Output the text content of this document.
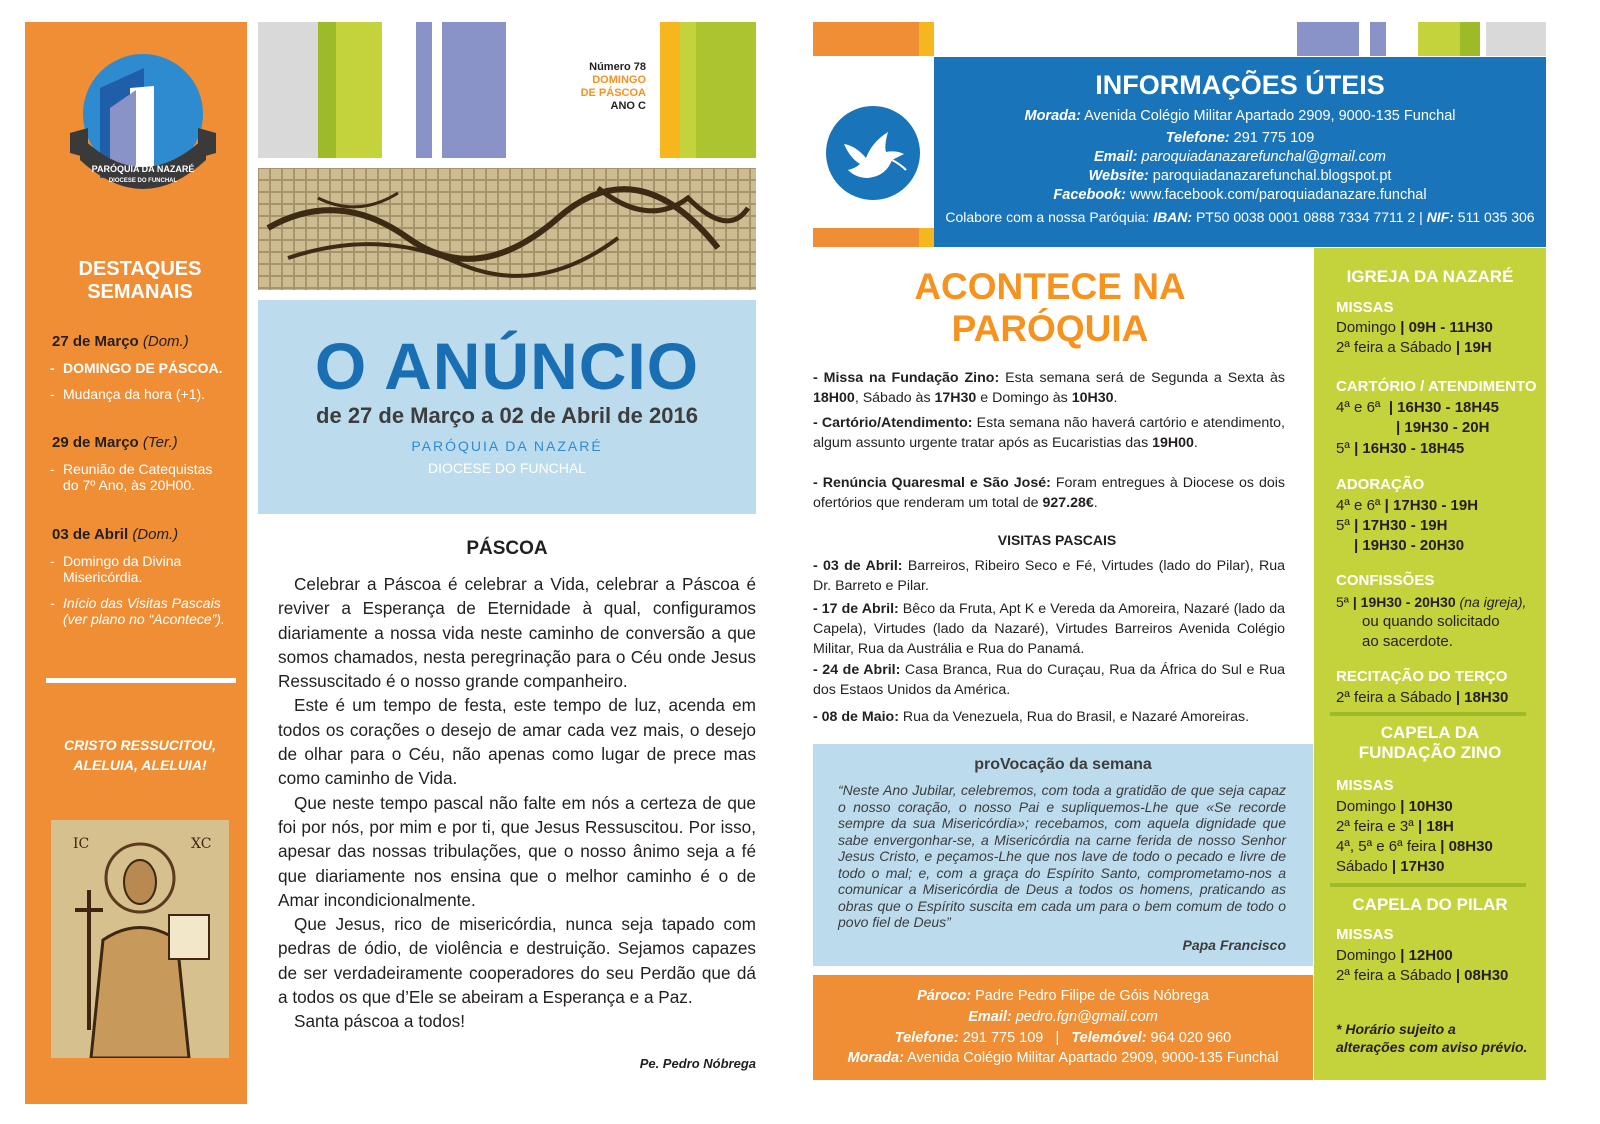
PARÓQUIA DA NAZARÉ
DIOCESE DO FUNCHAL
DESTAQUES
SEMANAIS
27 de Março (Dom.)
- DOMINGO DE PÁSCOA.
- Mudança da hora (+1).
29 de Março (Ter.)
- Reunião de Catequistas do 7º Ano, às 20H00.
03 de Abril (Dom.)
- Domingo da Divina Misericórdia.
- Início das Visitas Pascais (ver plano no “Acontece”).
CRISTO RESSUCITOU,
ALELUIA, ALELUIA!
IC	XC
Número 78
DOMINGO
DE PÁSCOA
ANO C
O ANÚNCIO
de 27 de Março a 02 de Abril de 2016
PARÓQUIA DA NAZARÉ
DIOCESE DO FUNCHAL
PÁSCOA

Celebrar a Páscoa é celebrar a Vida, celebrar a Páscoa é reviver a Esperança de Eternidade à qual, configuramos diariamente a nossa vida neste caminho de conversão a que somos chamados, nesta peregrinação para o Céu onde Jesus Ressuscitado é o nosso grande companheiro.

Este é um tempo de festa, este tempo de luz, acenda em todos os corações o desejo de amar cada vez mais, o desejo de olhar para o Céu, não apenas como lugar de prece mas como caminho de Vida.

Que neste tempo pascal não falte em nós a certeza de que foi por nós, por mim e por ti, que Jesus Ressuscitou. Por isso, apesar das nossas tribulações, que o nosso ânimo seja a fé que diariamente nos ensina que o melhor caminho é o de Amar incondicionalmente.

Que Jesus, rico de misericórdia, nunca seja tapado com pedras de ódio, de violência e destruição. Sejamos capazes de ser verdadeiramente cooperadores do seu Perdão que dá a todos os que d’Ele se abeiram a Esperança e a Paz.

Santa páscoa a todos!

Pe. Pedro Nóbrega
INFORMAÇÕES ÚTEIS
Morada: Avenida Colégio Militar Apartado 2909, 9000-135 Funchal
Telefone: 291 775 109
Email: paroquiadanazarefunchal@gmail.com
Website: paroquiadanazarefunchal.blogspot.pt
Facebook: www.facebook.com/paroquiadanazare.funchal
Colabore com a nossa Paróquia: IBAN: PT50 0038 0001 0888 7334 7711 2 | NIF: 511 035 306
ACONTECE NA
PARÓQUIA
- Missa na Fundação Zino: Esta semana será de Segunda a Sexta às 18H00, Sábado às 17H30 e Domingo às 10H30.
- Cartório/Atendimento: Esta semana não haverá cartório e atendimento, algum assunto urgente tratar após as Eucaristias das 19H00.
- Renúncia Quaresmal e São José: Foram entregues à Diocese os dois ofertórios que renderam um total de 927.28€.
VISITAS PASCAIS
- 03 de Abril: Barreiros, Ribeiro Seco e Fé, Virtudes (lado do Pilar), Rua Dr. Barreto e Pilar.
- 17 de Abril: Bêco da Fruta, Apt K e Vereda da Amoreira, Nazaré (lado da Capela), Virtudes (lado da Nazaré), Virtudes Barreiros Avenida Colégio Militar, Rua da Austrália e Rua do Panamá.
- 24 de Abril: Casa Branca, Rua do Curaçau, Rua da África do Sul e Rua dos Estaos Unidos da América.
- 08 de Maio: Rua da Venezuela, Rua do Brasil, e Nazaré Amoreiras.
proVocação da semana
“Neste Ano Jubilar, celebremos, com toda a gratidão de que seja capaz o nosso coração, o nosso Pai e supliquemos-Lhe que «Se recorde sempre da sua Misericórdia»; recebamos, com aquela dignidade que sabe envergonhar-se, a Misericórdia na carne ferida de nosso Senhor Jesus Cristo, e peçamos-Lhe que nos lave de todo o pecado e livre de todo o mal; e, com a graça do Espírito Santo, comprometamo-nos a comunicar a Misericórdia de Deus a todos os homens, praticando as obras que o Espírito suscita em cada um para o bem comum de todo o povo fiel de Deus”
Papa Francisco
Pároco: Padre Pedro Filipe de Góis Nóbrega
Email: pedro.fgn@gmail.com
Telefone: 291 775 109   |   Telemóvel: 964 020 960
Morada: Avenida Colégio Militar Apartado 2909, 9000-135 Funchal
IGREJA DA NAZARÉ
MISSAS
Domingo | 09H - 11H30
2ª feira a Sábado | 19H
CARTÓRIO / ATENDIMENTO
4ª e 6ª  | 16H30 - 18H45
| 19H30 - 20H
5ª | 16H30 - 18H45
ADORAÇÃO
4ª e 6ª | 17H30 - 19H
5ª | 17H30 - 19H
| 19H30 - 20H30
CONFISSÕES
5ª | 19H30 - 20H30 (na igreja),
ou quando solicitado
ao sacerdote.
RECITAÇÃO DO TERÇO
2ª feira a Sábado | 18H30
CAPELA DA
FUNDAÇÃO ZINO
MISSAS
Domingo | 10H30
2ª feira e 3ª | 18H
4ª, 5ª e 6ª feira | 08H30
Sábado | 17H30
CAPELA DO PILAR
MISSAS
Domingo | 12H00
2ª feira a Sábado | 08H30
* Horário sujeito a
alterações com aviso prévio.
